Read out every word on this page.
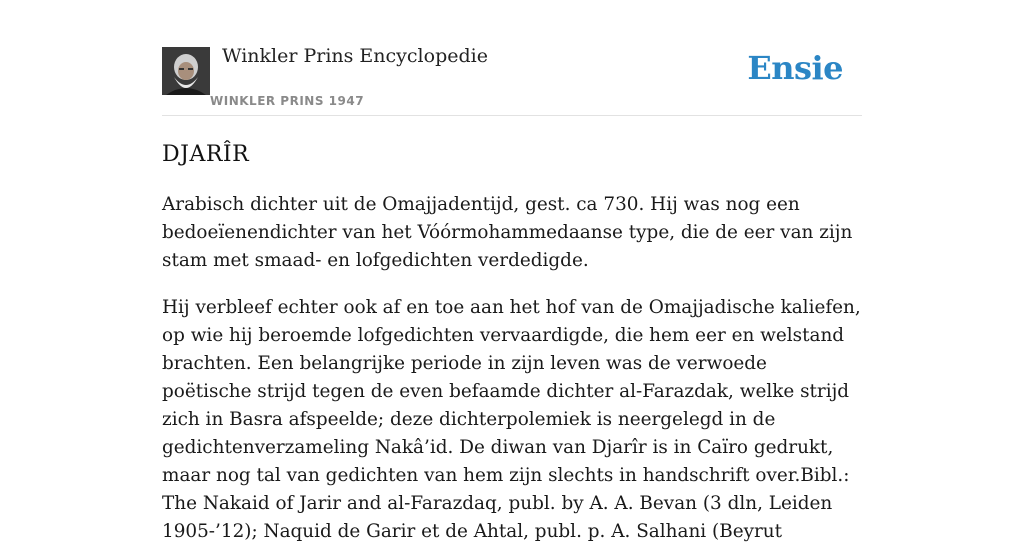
Winkler Prins Encyclopedie
WINKLER PRINS 1947
Ensie
DJARÎR

Arabisch dichter uit de Omajjadentijd, gest. ca 730. Hij was nog een bedoeïenendichter van het Vóórmohammedaanse type, die de eer van zijn stam met smaad- en lofgedichten verdedigde.

Hij verbleef echter ook af en toe aan het hof van de Omajjadische kaliefen, op wie hij beroemde lofgedichten vervaardigde, die hem eer en welstand brachten. Een belangrijke periode in zijn leven was de verwoede poëtische strijd tegen de even befaamde dichter al-Farazdak, welke strijd zich in Basra afspeelde; deze dichterpolemiek is neergelegd in de gedichtenverzameling Nakâ’id. De diwan van Djarîr is in Caïro gedrukt, maar nog tal van gedichten van hem zijn slechts in handschrift over.Bibl.: The Nakaid of Jarir and al-Farazdaq, publ. by A. A. Bevan (3 dln, Leiden 1905-’12); Naquid de Garir et de Ahtal, publ. p. A. Salhani (Beyrut
